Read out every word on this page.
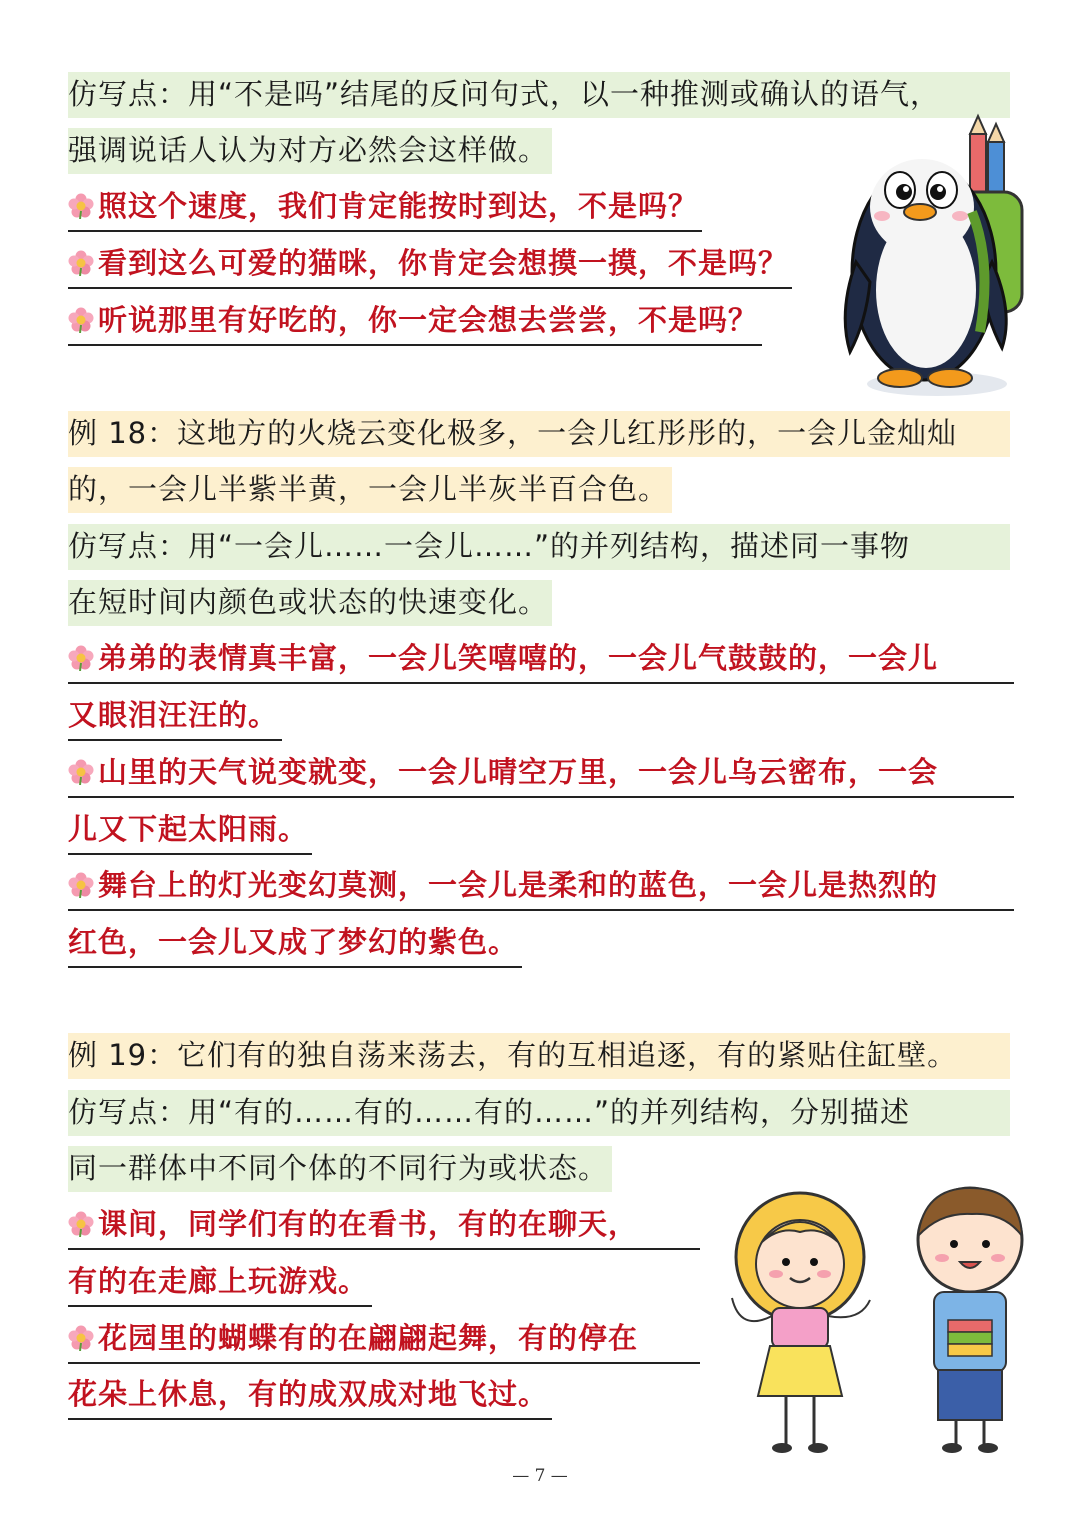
仿写点：用“不是吗”结尾的反问句式，以一种推测或确认的语气，
强调说话人认为对方必然会这样做。
照这个速度，我们肯定能按时到达，不是吗？
看到这么可爱的猫咪，你肯定会想摸一摸，不是吗？
听说那里有好吃的，你一定会想去尝尝，不是吗？
例 18：这地方的火烧云变化极多，一会儿红彤彤的，一会儿金灿灿
的，一会儿半紫半黄，一会儿半灰半百合色。
仿写点：用“一会儿……一会儿……”的并列结构，描述同一事物
在短时间内颜色或状态的快速变化。
弟弟的表情真丰富，一会儿笑嘻嘻的，一会儿气鼓鼓的，一会儿
又眼泪汪汪的。
山里的天气说变就变，一会儿晴空万里，一会儿乌云密布，一会
儿又下起太阳雨。
舞台上的灯光变幻莫测，一会儿是柔和的蓝色，一会儿是热烈的
红色，一会儿又成了梦幻的紫色。
例 19：它们有的独自荡来荡去，有的互相追逐，有的紧贴住缸壁。
仿写点：用“有的……有的……有的……”的并列结构，分别描述
同一群体中不同个体的不同行为或状态。
课间，同学们有的在看书，有的在聊天，
有的在走廊上玩游戏。
花园里的蝴蝶有的在翩翩起舞，有的停在
花朵上休息，有的成双成对地飞过。
— 7 —
